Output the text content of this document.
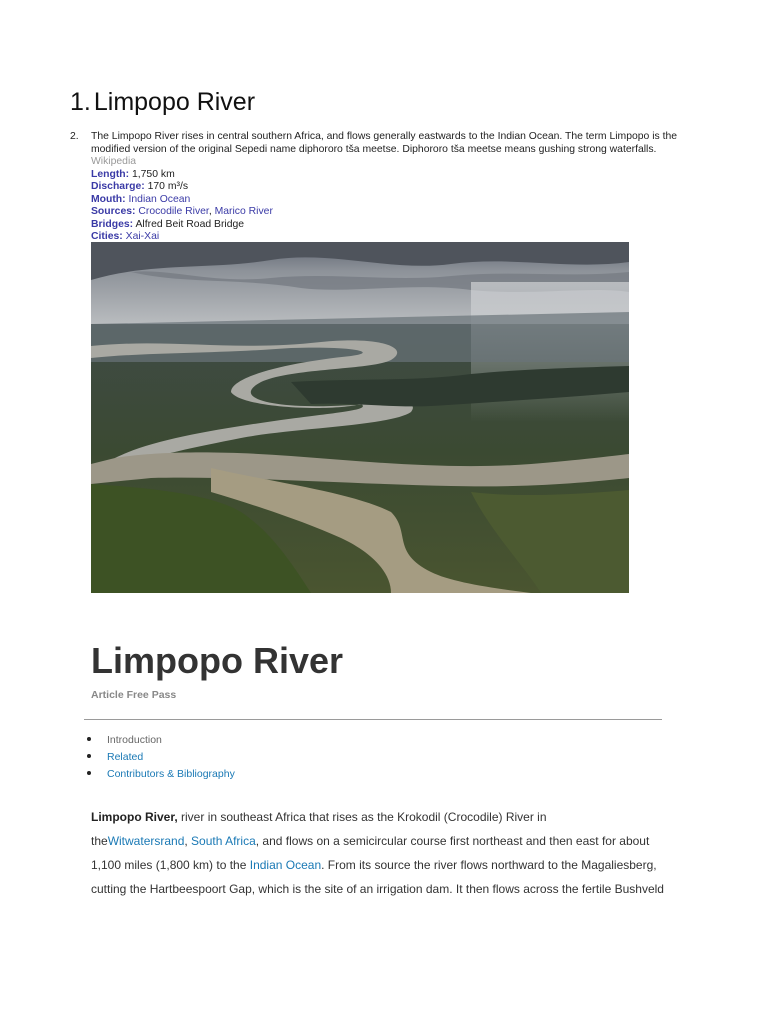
1. Limpopo River
2. The Limpopo River rises in central southern Africa, and flows generally eastwards to the Indian Ocean. The term Limpopo is the modified version of the original Sepedi name diphororo tša meetse. Diphororo tša meetse means gushing strong waterfalls. Wikipedia
Length: 1,750 km
Discharge: 170 m³/s
Mouth: Indian Ocean
Sources: Crocodile River, Marico River
Bridges: Alfred Beit Road Bridge
Cities: Xai-Xai
Limpopo River
Article Free Pass
Introduction
Related
Contributors & Bibliography
Limpopo River, river in southeast Africa that rises as the Krokodil (Crocodile) River in
theWitwatersrand, South Africa, and flows on a semicircular course first northeast and then east for about
1,100 miles (1,800 km) to the Indian Ocean. From its source the river flows northward to the Magaliesberg,
cutting the Hartbeespoort Gap, which is the site of an irrigation dam. It then flows across the fertile Bushveld
